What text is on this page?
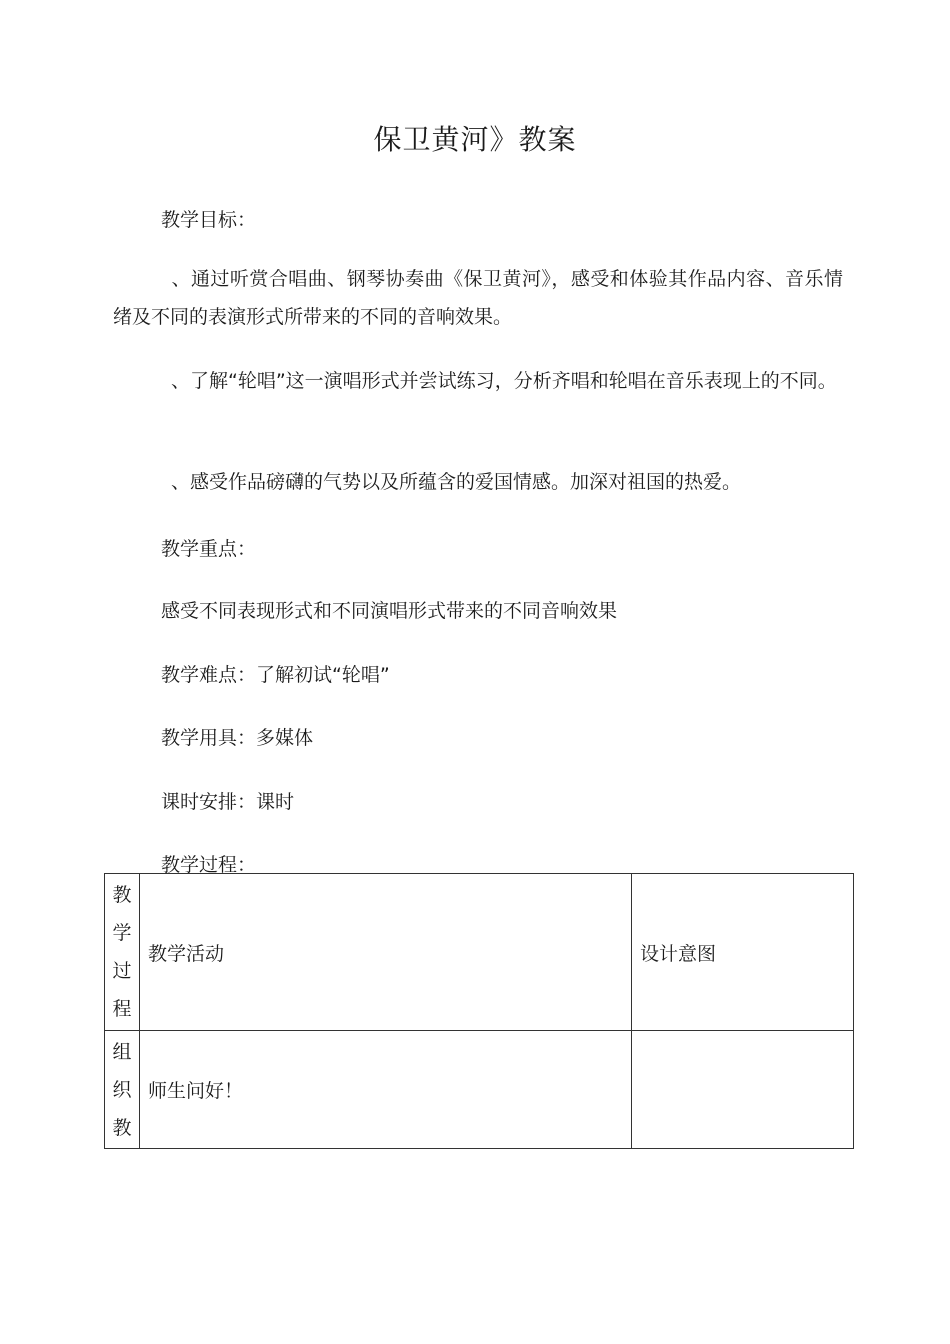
保卫黄河》教案
教学目标：
、通过听赏合唱曲、钢琴协奏曲《保卫黄河》，感受和体验其作品内容、音乐情绪及不同的表演形式所带来的不同的音响效果。
、了解“轮唱”这一演唱形式并尝试练习，分析齐唱和轮唱在音乐表现上的不同。
、感受作品磅礴的气势以及所蕴含的爱国情感。加深对祖国的热爱。
教学重点：
感受不同表现形式和不同演唱形式带来的不同音响效果
教学难点：了解初试“轮唱”
教学用具：多媒体
课时安排：课时
教学过程：
教
学
过
程	教学活动	设计意图

组
织
教	师生问好！	
